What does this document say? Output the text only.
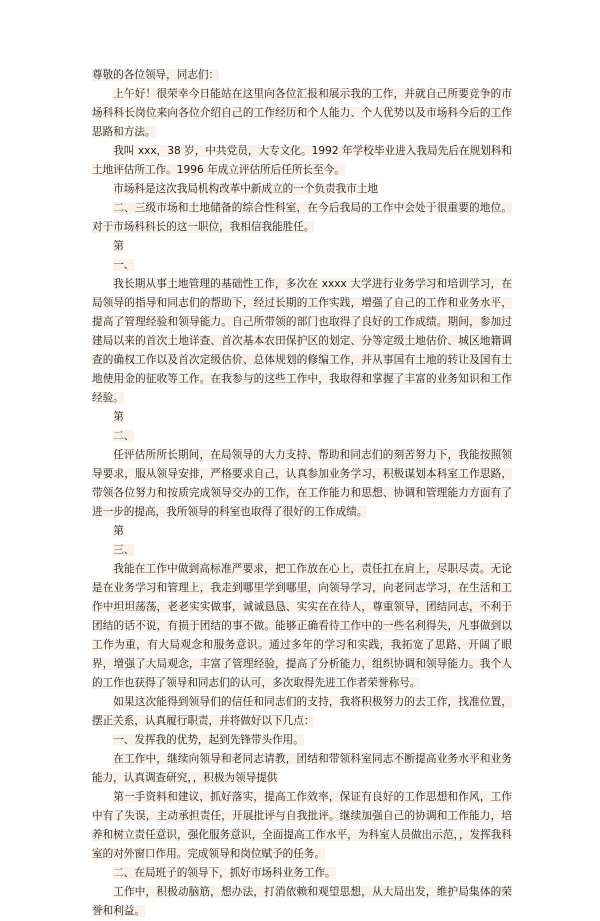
尊敬的各位领导，同志们：

上午好！很荣幸今日能站在这里向各位汇报和展示我的工作，并就自己所要竞争的市场科科长岗位来向各位介绍自己的工作经历和个人能力、个人优势以及市场科今后的工作思路和方法。

我叫 xxx，38 岁，中共党员，大专文化。1992 年学校毕业进入我局先后在规划科和土地评估所工作。1996 年成立评估所后任所长至今。

市场科是这次我局机构改革中新成立的一个负责我市土地

二、三级市场和土地储备的综合性科室，在今后我局的工作中会处于很重要的地位。对于市场科科长的这一职位，我相信我能胜任。

第

一、

我长期从事土地管理的基础性工作，多次在 xxxx 大学进行业务学习和培训学习，在局领导的指导和同志们的帮助下，经过长期的工作实践，增强了自己的工作和业务水平，提高了管理经验和领导能力。自己所带领的部门也取得了良好的工作成绩。期间，参加过建局以来的首次土地详查、首次基本农田保护区的划定、分等定级土地估价、城区地籍调查的确权工作以及首次定级估价、总体规划的修编工作，并从事国有土地的转让及国有土地使用金的征收等工作。在我参与的这些工作中，我取得和掌握了丰富的业务知识和工作经验。

第

二、

任评估所所长期间，在局领导的大力支持、帮助和同志们的刻苦努力下，我能按照领导要求，服从领导安排，严格要求自己，认真参加业务学习，积极谋划本科室工作思路，带领各位努力和按质完成领导交办的工作，在工作能力和思想、协调和管理能力方面有了进一步的提高，我所领导的科室也取得了很好的工作成绩。

第

三、

我能在工作中做到高标准严要求，把工作放在心上，责任扛在肩上，尽职尽责。无论是在业务学习和管理上，我走到哪里学到哪里，向领导学习，向老同志学习，在生活和工作中坦坦荡荡，老老实实做事，诚诚恳恳、实实在在待人，尊重领导，团结同志，不利于团结的话不说，有损于团结的事不做。能够正确看待工作中的一些名利得失，凡事做到以工作为重，有大局观念和服务意识。通过多年的学习和实践，我拓宽了思路、开阔了眼界，增强了大局观念，丰富了管理经验，提高了分析能力，组织协调和领导能力。我个人的工作也获得了领导和同志们的认可，多次取得先进工作者荣誉称号。

如果这次能得到领导们的信任和同志们的支持，我将积极努力的去工作，找准位置，摆正关系，认真履行职责，并将做好以下几点：

一、发挥我的优势，起到先锋带头作用。

在工作中，继续向领导和老同志请教，团结和带领科室同志不断提高业务水平和业务能力，认真调查研究，，积极为领导提供

第一手资料和建议，抓好落实，提高工作效率，保证有良好的工作思想和作风，工作中有了失误，主动承担责任，开展批评与自我批评。继续加强自己的协调和工作能力，培养和树立责任意识，强化服务意识，全面提高工作水平，为科室人员做出示范，，发挥我科室的对外窗口作用。完成领导和岗位赋予的任务。

二、在局班子的领导下，抓好市场科业务工作。

工作中，积极动脑筋，想办法，打消依赖和观望思想，从大局出发，维护局集体的荣誉和利益。
